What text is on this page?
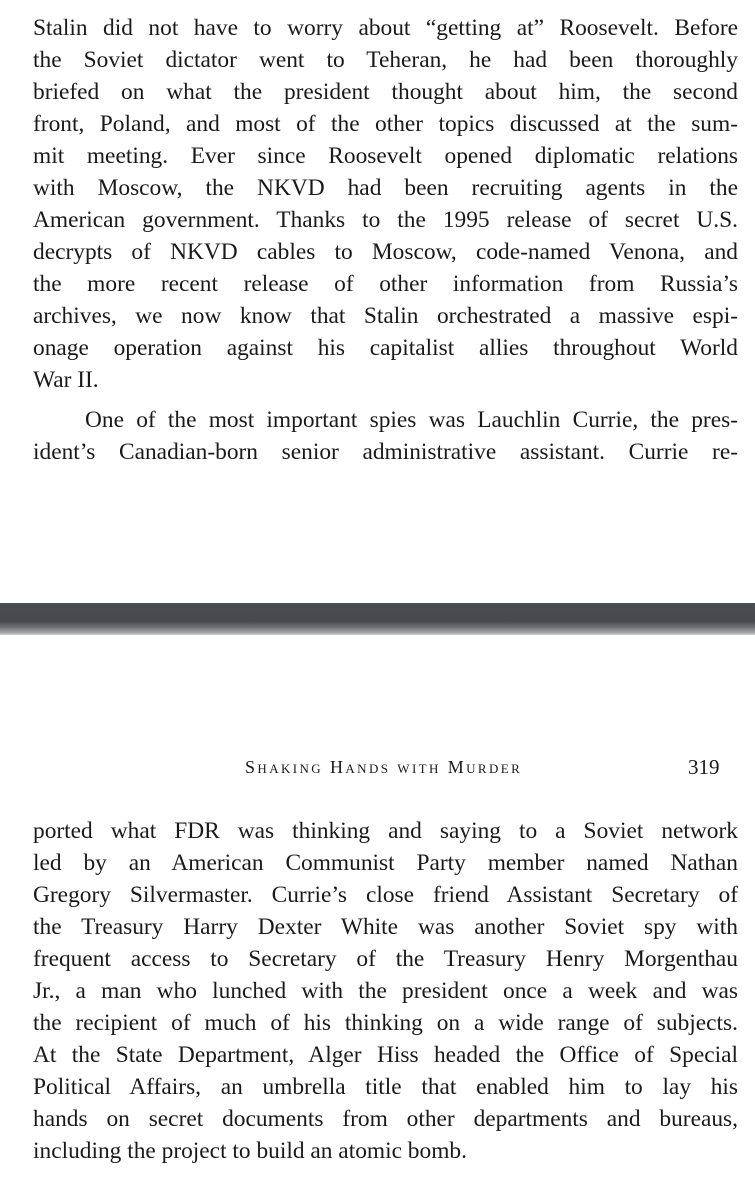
Stalin did not have to worry about “getting at” Roosevelt. Before
the Soviet dictator went to Teheran, he had been thoroughly
briefed on what the president thought about him, the second
front, Poland, and most of the other topics discussed at the sum-
mit meeting. Ever since Roosevelt opened diplomatic relations
with Moscow, the NKVD had been recruiting agents in the
American government. Thanks to the 1995 release of secret U.S.
decrypts of NKVD cables to Moscow, code-named Venona, and
the more recent release of other information from Russia’s
archives, we now know that Stalin orchestrated a massive espi-
onage operation against his capitalist allies throughout World
War II.
One of the most important spies was Lauchlin Currie, the pres-
ident’s Canadian-born senior administrative assistant. Currie re-
Shaking Hands with Murder	319
ported what FDR was thinking and saying to a Soviet network
led by an American Communist Party member named Nathan
Gregory Silvermaster. Currie’s close friend Assistant Secretary of
the Treasury Harry Dexter White was another Soviet spy with
frequent access to Secretary of the Treasury Henry Morgenthau
Jr., a man who lunched with the president once a week and was
the recipient of much of his thinking on a wide range of subjects.
At the State Department, Alger Hiss headed the Office of Special
Political Affairs, an umbrella title that enabled him to lay his
hands on secret documents from other departments and bureaus,
including the project to build an atomic bomb.
